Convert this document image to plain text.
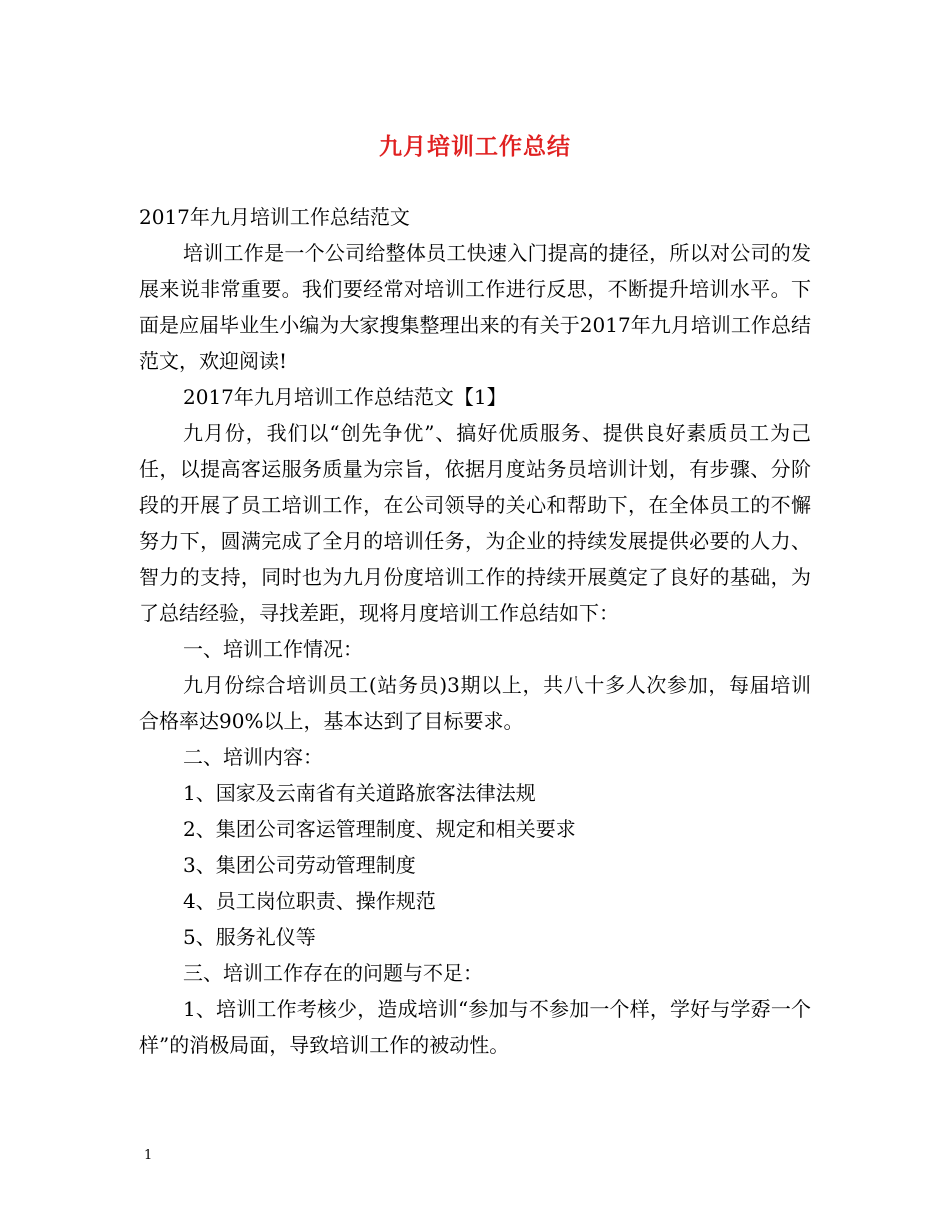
九月培训工作总结

2017年九月培训工作总结范文

培训工作是一个公司给整体员工快速入门提高的捷径，所以对公司的发展来说非常重要。我们要经常对培训工作进行反思，不断提升培训水平。下面是应届毕业生小编为大家搜集整理出来的有关于2017年九月培训工作总结范文，欢迎阅读!

2017年九月培训工作总结范文【1】

九月份，我们以“创先争优”、搞好优质服务、提供良好素质员工为己任，以提高客运服务质量为宗旨，依据月度站务员培训计划，有步骤、分阶段的开展了员工培训工作，在公司领导的关心和帮助下，在全体员工的不懈努力下，圆满完成了全月的培训任务，为企业的持续发展提供必要的人力、智力的支持，同时也为九月份度培训工作的持续开展奠定了良好的基础，为了总结经验，寻找差距，现将月度培训工作总结如下：

一、培训工作情况：

九月份综合培训员工(站务员)3期以上，共八十多人次参加，每届培训合格率达90%以上，基本达到了目标要求。

二、培训内容：

1、国家及云南省有关道路旅客法律法规

2、集团公司客运管理制度、规定和相关要求

3、集团公司劳动管理制度

4、员工岗位职责、操作规范

5、服务礼仪等

三、培训工作存在的问题与不足：

1、培训工作考核少，造成培训“参加与不参加一个样，学好与学孬一个样”的消极局面，导致培训工作的被动性。

1
